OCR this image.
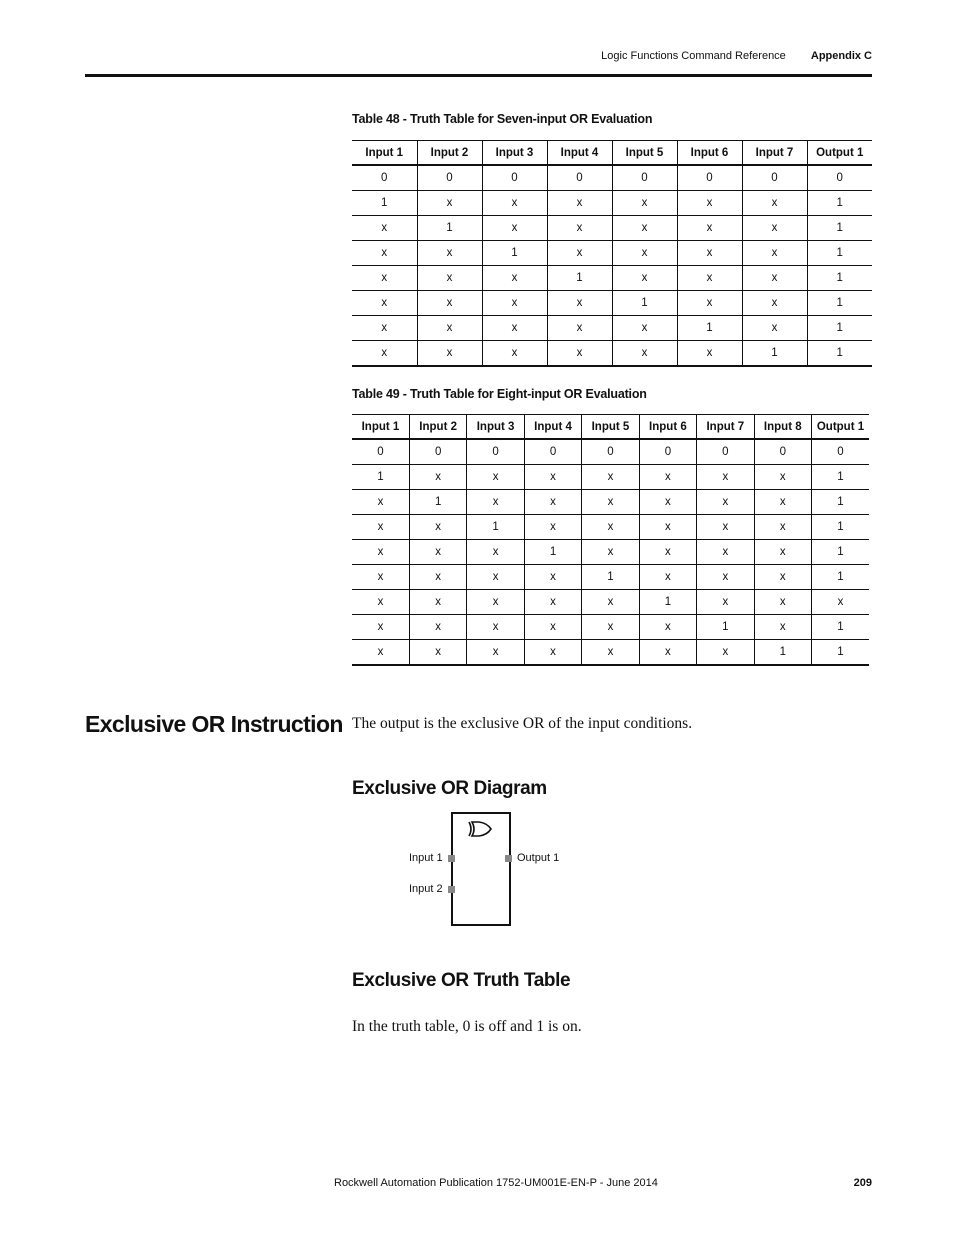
Logic Functions Command Reference Appendix C
Table 48 - Truth Table for Seven-input OR Evaluation
Input 1	Input 2	Input 3	Input 4	Input 5	Input 6	Input 7	Output 1
0	0	0	0	0	0	0	0
1	x	x	x	x	x	x	1
x	1	x	x	x	x	x	1
x	x	1	x	x	x	x	1
x	x	x	1	x	x	x	1
x	x	x	x	1	x	x	1
x	x	x	x	x	1	x	1
x	x	x	x	x	x	1	1
Table 49 - Truth Table for Eight-input OR Evaluation
Input 1	Input 2	Input 3	Input 4	Input 5	Input 6	Input 7	Input 8	Output 1
0	0	0	0	0	0	0	0	0
1	x	x	x	x	x	x	x	1
x	1	x	x	x	x	x	x	1
x	x	1	x	x	x	x	x	1
x	x	x	1	x	x	x	x	1
x	x	x	x	1	x	x	x	1
x	x	x	x	x	1	x	x	x
x	x	x	x	x	x	1	x	1
x	x	x	x	x	x	x	1	1
Exclusive OR Instruction The output is the exclusive OR of the input conditions.
Exclusive OR Diagram
Input 1
Input 2
Output 1
Exclusive OR Truth Table
In the truth table, 0 is off and 1 is on.
Rockwell Automation Publication 1752-UM001E-EN-P - June 2014	209
